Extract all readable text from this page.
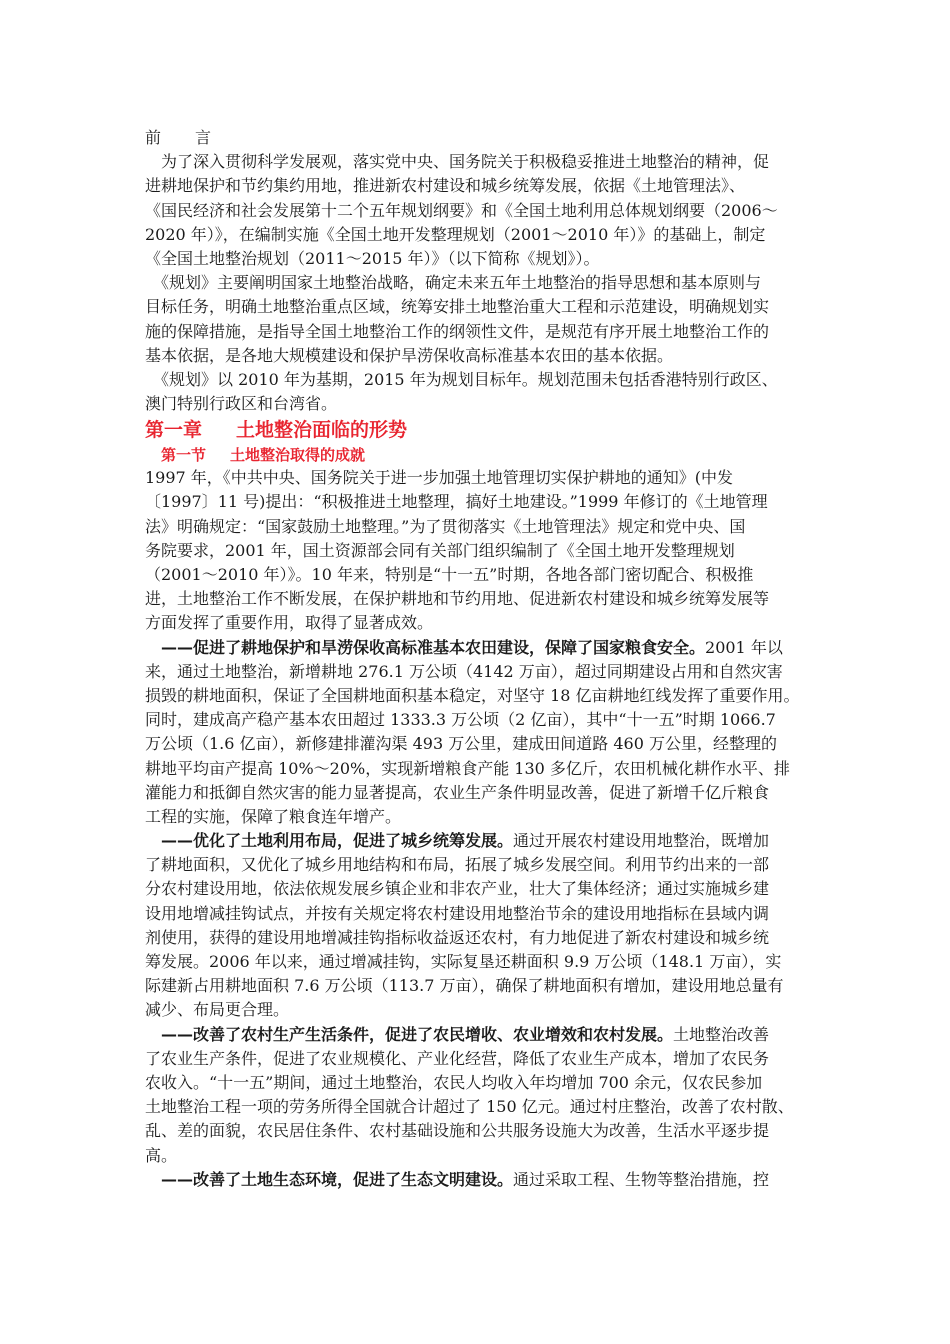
前 言
　为了深入贯彻科学发展观，落实党中央、国务院关于积极稳妥推进土地整治的精神，促
进耕地保护和节约集约用地，推进新农村建设和城乡统筹发展，依据《土地管理法》、
《国民经济和社会发展第十二个五年规划纲要》和《全国土地利用总体规划纲要（2006～
2020 年）》，在编制实施《全国土地开发整理规划（2001～2010 年）》的基础上，制定
《全国土地整治规划（2011～2015 年）》（以下简称《规划》）。
　《规划》主要阐明国家土地整治战略，确定未来五年土地整治的指导思想和基本原则与
目标任务，明确土地整治重点区域，统筹安排土地整治重大工程和示范建设，明确规划实
施的保障措施，是指导全国土地整治工作的纲领性文件，是规范有序开展土地整治工作的
基本依据，是各地大规模建设和保护旱涝保收高标准基本农田的基本依据。
　《规划》以 2010 年为基期，2015 年为规划目标年。规划范围未包括香港特别行政区、
澳门特别行政区和台湾省。
第一章 土地整治面临的形势
第一节 土地整治取得的成就
1997 年，《中共中央、国务院关于进一步加强土地管理切实保护耕地的通知》(中发
〔1997〕11 号)提出：“积极推进土地整理，搞好土地建设。”1999 年修订的《土地管理
法》明确规定：“国家鼓励土地整理。”为了贯彻落实《土地管理法》规定和党中央、国
务院要求，2001 年，国土资源部会同有关部门组织编制了《全国土地开发整理规划
（2001～2010 年）》。10 年来，特别是“十一五”时期，各地各部门密切配合、积极推
进，土地整治工作不断发展，在保护耕地和节约用地、促进新农村建设和城乡统筹发展等
方面发挥了重要作用，取得了显著成效。
　——促进了耕地保护和旱涝保收高标准基本农田建设，保障了国家粮食安全。2001 年以
来，通过土地整治，新增耕地 276.1 万公顷（4142 万亩），超过同期建设占用和自然灾害
损毁的耕地面积，保证了全国耕地面积基本稳定，对坚守 18 亿亩耕地红线发挥了重要作用。
同时，建成高产稳产基本农田超过 1333.3 万公顷（2 亿亩），其中“十一五”时期 1066.7
万公顷（1.6 亿亩），新修建排灌沟渠 493 万公里，建成田间道路 460 万公里，经整理的
耕地平均亩产提高 10%～20%，实现新增粮食产能 130 多亿斤，农田机械化耕作水平、排
灌能力和抵御自然灾害的能力显著提高，农业生产条件明显改善，促进了新增千亿斤粮食
工程的实施，保障了粮食连年增产。
　——优化了土地利用布局，促进了城乡统筹发展。通过开展农村建设用地整治，既增加
了耕地面积，又优化了城乡用地结构和布局，拓展了城乡发展空间。利用节约出来的一部
分农村建设用地，依法依规发展乡镇企业和非农产业，壮大了集体经济；通过实施城乡建
设用地增减挂钩试点，并按有关规定将农村建设用地整治节余的建设用地指标在县域内调
剂使用，获得的建设用地增减挂钩指标收益返还农村，有力地促进了新农村建设和城乡统
筹发展。2006 年以来，通过增减挂钩，实际复垦还耕面积 9.9 万公顷（148.1 万亩），实
际建新占用耕地面积 7.6 万公顷（113.7 万亩），确保了耕地面积有增加，建设用地总量有
减少、布局更合理。
　——改善了农村生产生活条件，促进了农民增收、农业增效和农村发展。土地整治改善
了农业生产条件，促进了农业规模化、产业化经营，降低了农业生产成本，增加了农民务
农收入。“十一五”期间，通过土地整治，农民人均收入年均增加 700 余元，仅农民参加
土地整治工程一项的劳务所得全国就合计超过了 150 亿元。通过村庄整治，改善了农村散、
乱、差的面貌，农民居住条件、农村基础设施和公共服务设施大为改善，生活水平逐步提
高。
　——改善了土地生态环境，促进了生态文明建设。通过采取工程、生物等整治措施，控
